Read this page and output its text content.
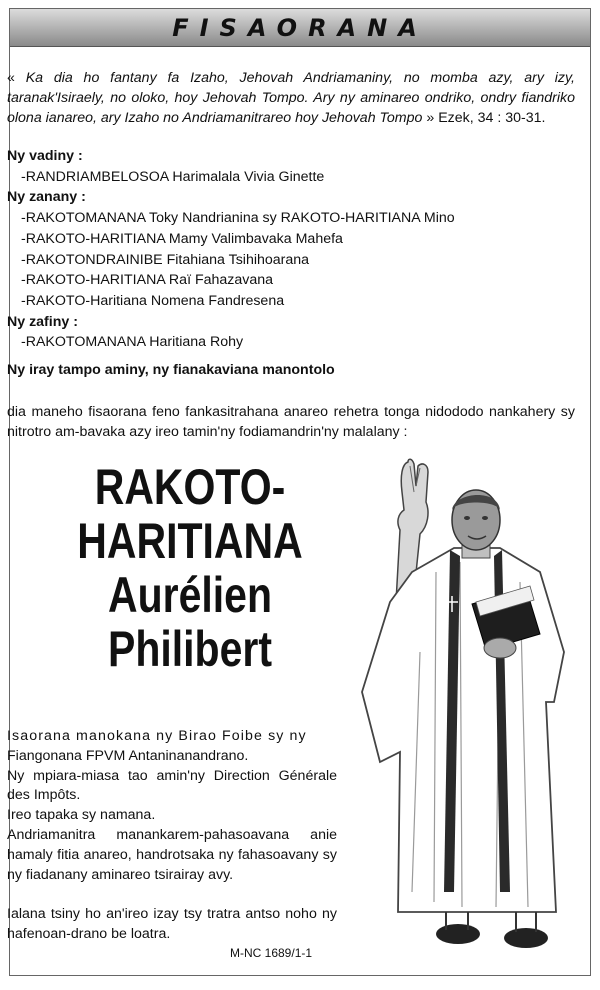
FISAORANA
« Ka dia ho fantany fa Izaho, Jehovah Andriamaniny, no momba azy, ary izy, taranak'Isiraely, no oloko, hoy Jehovah Tompo. Ary ny aminareo ondriko, ondry fiandriko olona ianareo, ary Izaho no Andriamanitrareo hoy Jehovah Tompo » Ezek, 34 : 30-31.
Ny vadiny :
-RANDRIAMBELOSOA Harimalala Vivia Ginette
Ny zanany :
-RAKOTOMANANA Toky Nandrianina sy RAKOTO-HARITIANA Mino
-RAKOTO-HARITIANA Mamy Valimbavaka Mahefa
-RAKOTONDRAINIBE Fitahiana Tsihihoarana
-RAKOTO-HARITIANA Raï Fahazavana
-RAKOTO-Haritiana Nomena Fandresena
Ny zafiny :
-RAKOTOMANANA Haritiana Rohy
Ny iray tampo aminy, ny fianakaviana manontolo
dia maneho fisaorana feno fankasitrahana anareo rehetra tonga nidododo nankahery sy nitrotro am-bavaka azy ireo tamin'ny fodiamandrin'ny malalany :
RAKOTO-
HARITIANA
Aurélien
Philibert
Isaorana manokana ny Birao Foibe sy ny
Fiangonana FPVM Antaninanandrano.
Ny mpiara-miasa tao amin'ny Direction Générale des Impôts.
Ireo tapaka sy namana.
Andriamanitra manankarem-pahasoavana anie hamaly fitia anareo, handrotsaka ny fahasoavany sy ny fiadanany aminareo tsirairay avy.
Ialana tsiny ho an'ireo izay tsy tratra antso noho ny hafenoan-drano be loatra.
M-NC 1689/1-1
